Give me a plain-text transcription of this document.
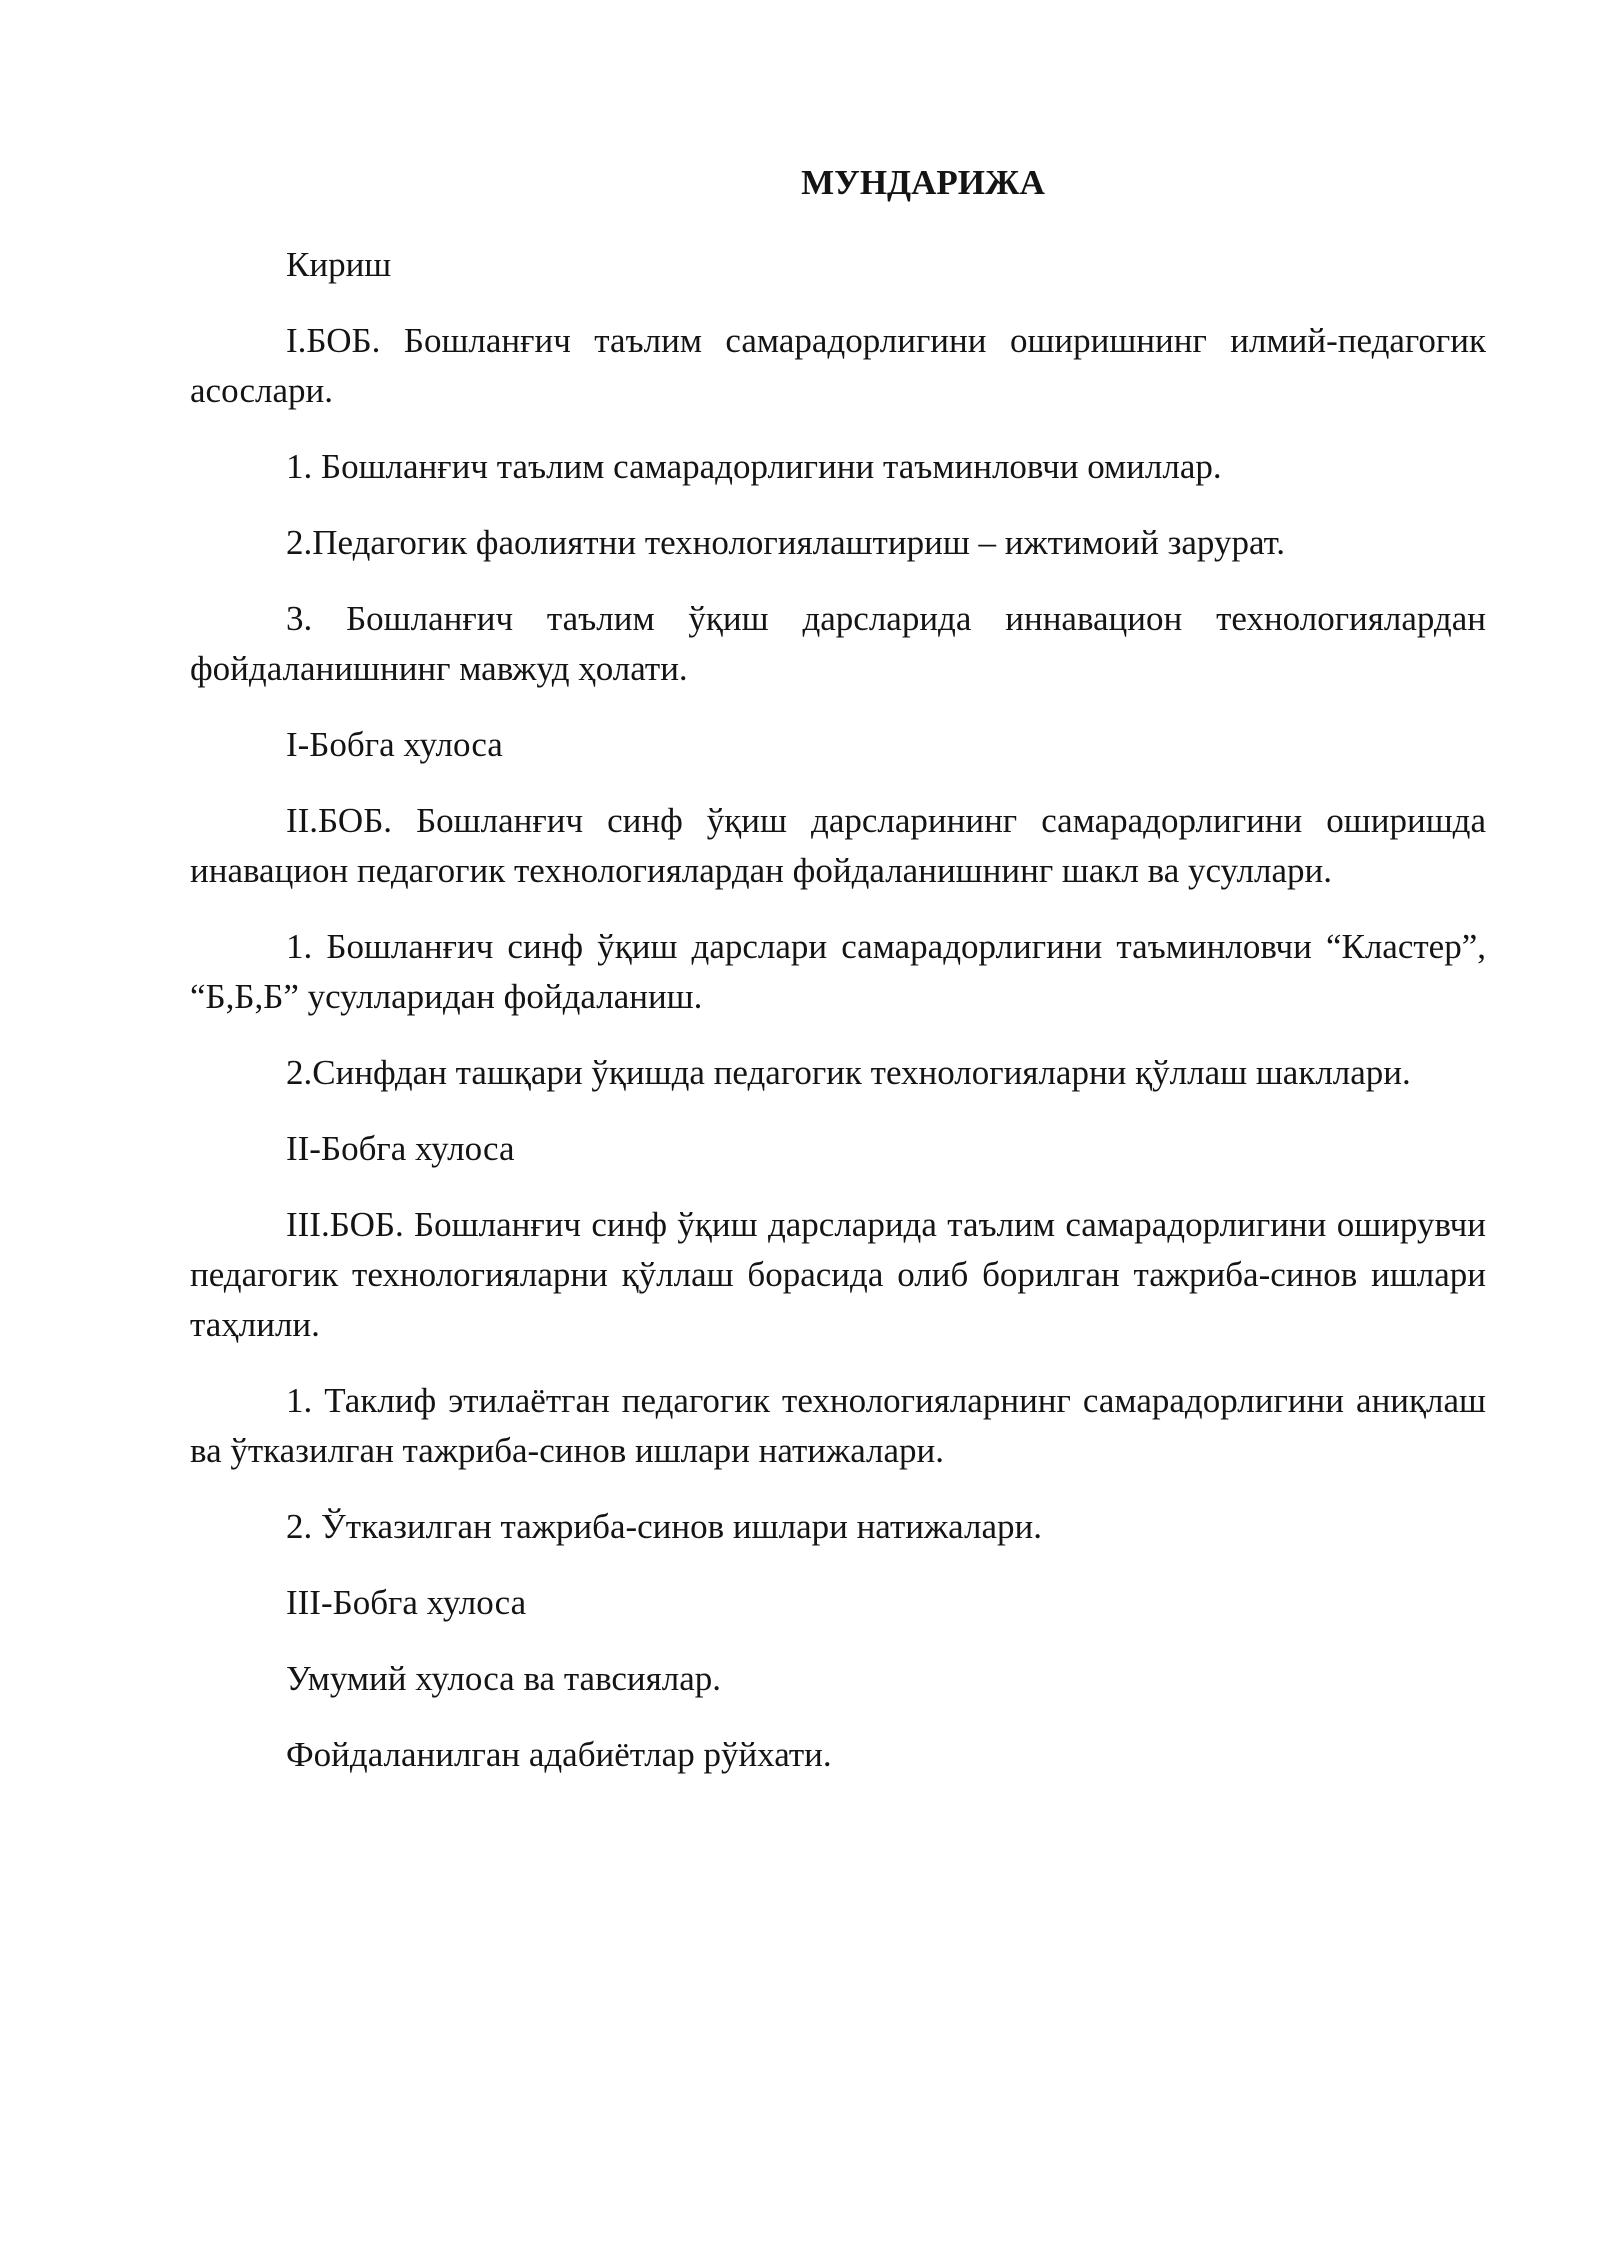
МУНДАРИЖА

Кириш

I.БОБ. Бошланғич таълим самарадорлигини оширишнинг илмий-педагогик асослари.

1. Бошланғич таълим самарадорлигини таъминловчи омиллар.

2.Педагогик фаолиятни технологиялаштириш – ижтимоий зарурат.

3. Бошланғич таълим ўқиш дарсларида иннавацион технологиялардан фойдаланишнинг мавжуд ҳолати.

I-Бобга хулоса

II.БОБ. Бошланғич синф ўқиш дарсларининг самарадорлигини оширишда инавацион педагогик технологиялардан фойдаланишнинг шакл ва усуллари.

1. Бошланғич синф ўқиш дарслари самарадорлигини таъминловчи “Кластер”, “Б,Б,Б” усулларидан фойдаланиш.

2.Синфдан ташқари ўқишда педагогик технологияларни қўллаш шакллари.

II-Бобга хулоса

III.БОБ. Бошланғич синф ўқиш дарсларида таълим самарадорлигини оширувчи педагогик технологияларни қўллаш борасида олиб борилган тажриба-синов ишлари таҳлили.

1. Таклиф этилаётган педагогик технологияларнинг самарадорлигини аниқлаш ва ўтказилган тажриба-синов ишлари натижалари.

2. Ўтказилган тажриба-синов ишлари натижалари.

III-Бобга хулоса

Умумий хулоса ва тавсиялар.

Фойдаланилган адабиётлар рўйхати.
